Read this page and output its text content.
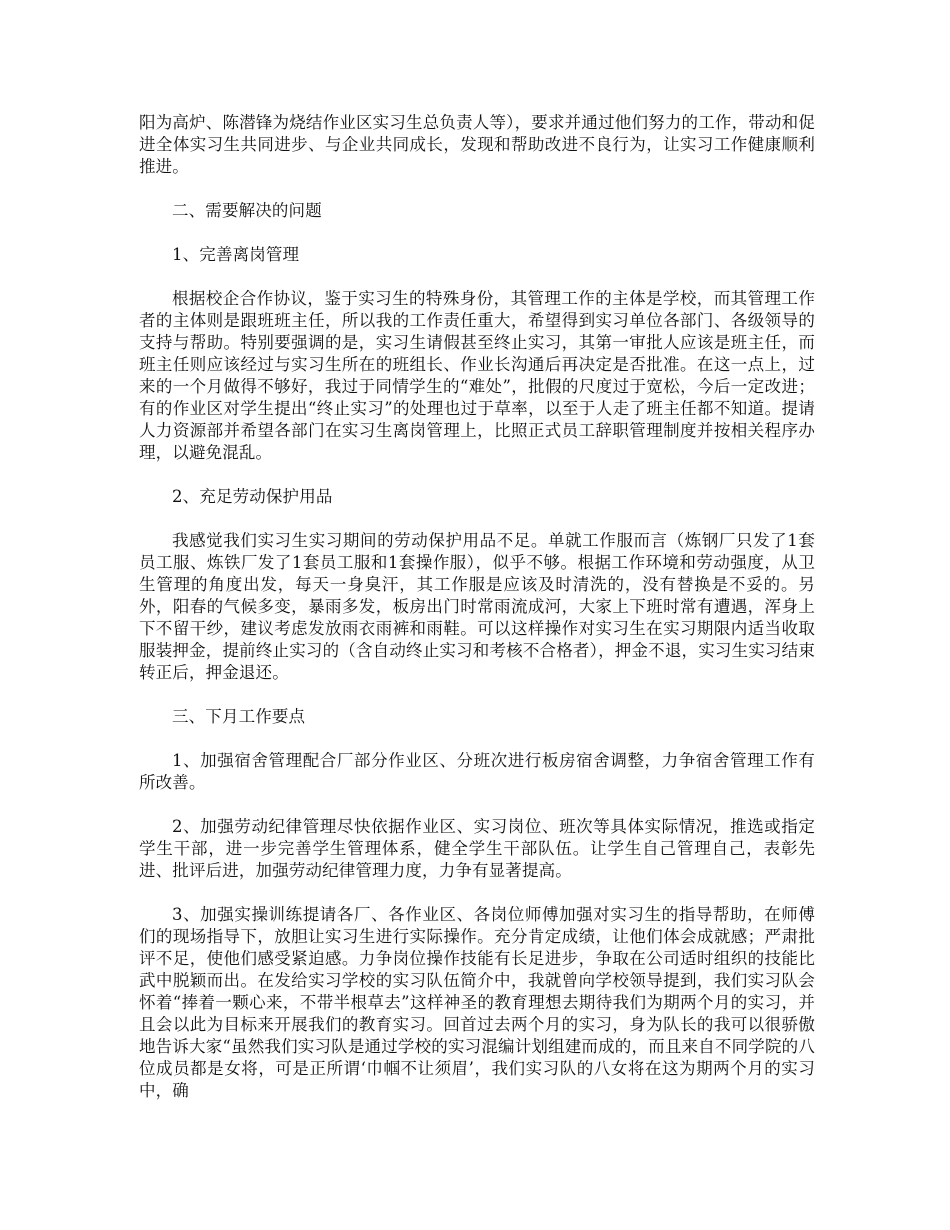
阳为高炉、陈潜锋为烧结作业区实习生总负责人等），要求并通过他们努力的工作，带动和促进全体实习生共同进步、与企业共同成长，发现和帮助改进不良行为，让实习工作健康顺利推进。

二、需要解决的问题

1、完善离岗管理

根据校企合作协议，鉴于实习生的特殊身份，其管理工作的主体是学校，而其管理工作者的主体则是跟班班主任，所以我的工作责任重大，希望得到实习单位各部门、各级领导的支持与帮助。特别要强调的是，实习生请假甚至终止实习，其第一审批人应该是班主任，而班主任则应该经过与实习生所在的班组长、作业长沟通后再决定是否批准。在这一点上，过来的一个月做得不够好，我过于同情学生的“难处”，批假的尺度过于宽松，今后一定改进；有的作业区对学生提出“终止实习”的处理也过于草率，以至于人走了班主任都不知道。提请人力资源部并希望各部门在实习生离岗管理上，比照正式员工辞职管理制度并按相关程序办理，以避免混乱。

2、充足劳动保护用品

我感觉我们实习生实习期间的劳动保护用品不足。单就工作服而言（炼钢厂只发了1套员工服、炼铁厂发了1套员工服和1套操作服），似乎不够。根据工作环境和劳动强度，从卫生管理的角度出发，每天一身臭汗，其工作服是应该及时清洗的，没有替换是不妥的。另外，阳春的气候多变，暴雨多发，板房出门时常雨流成河，大家上下班时常有遭遇，浑身上下不留干纱，建议考虑发放雨衣雨裤和雨鞋。可以这样操作对实习生在实习期限内适当收取服装押金，提前终止实习的（含自动终止实习和考核不合格者），押金不退，实习生实习结束转正后，押金退还。

三、下月工作要点

1、加强宿舍管理配合厂部分作业区、分班次进行板房宿舍调整，力争宿舍管理工作有所改善。

2、加强劳动纪律管理尽快依据作业区、实习岗位、班次等具体实际情况，推选或指定学生干部，进一步完善学生管理体系，健全学生干部队伍。让学生自己管理自己，表彰先进、批评后进，加强劳动纪律管理力度，力争有显著提高。

3、加强实操训练提请各厂、各作业区、各岗位师傅加强对实习生的指导帮助，在师傅们的现场指导下，放胆让实习生进行实际操作。充分肯定成绩，让他们体会成就感；严肃批评不足，使他们感受紧迫感。力争岗位操作技能有长足进步，争取在公司适时组织的技能比武中脱颖而出。在发给实习学校的实习队伍简介中，我就曾向学校领导提到，我们实习队会怀着“捧着一颗心来，不带半根草去”这样神圣的教育理想去期待我们为期两个月的实习，并且会以此为目标来开展我们的教育实习。回首过去两个月的实习，身为队长的我可以很骄傲地告诉大家“虽然我们实习队是通过学校的实习混编计划组建而成的，而且来自不同学院的八位成员都是女将，可是正所谓‘巾帼不让须眉’，我们实习队的八女将在这为期两个月的实习中，确
